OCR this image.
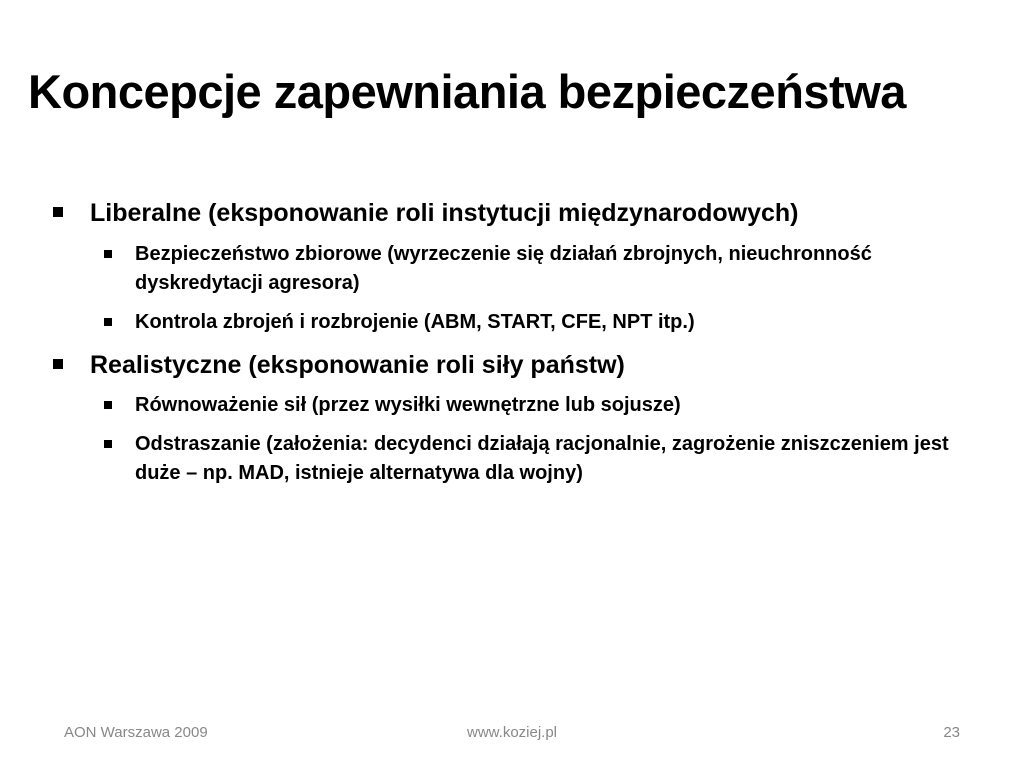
Koncepcje zapewniania bezpieczeństwa
Liberalne (eksponowanie roli instytucji międzynarodowych)
Bezpieczeństwo zbiorowe (wyrzeczenie się działań zbrojnych, nieuchronność dyskredytacji agresora)
Kontrola zbrojeń i rozbrojenie (ABM, START, CFE, NPT itp.)
Realistyczne (eksponowanie roli siły państw)
Równoważenie sił (przez wysiłki wewnętrzne lub sojusze)
Odstraszanie (założenia: decydenci działają racjonalnie, zagrożenie zniszczeniem jest duże – np. MAD, istnieje alternatywa dla wojny)
AON Warszawa 2009	www.koziej.pl	23
